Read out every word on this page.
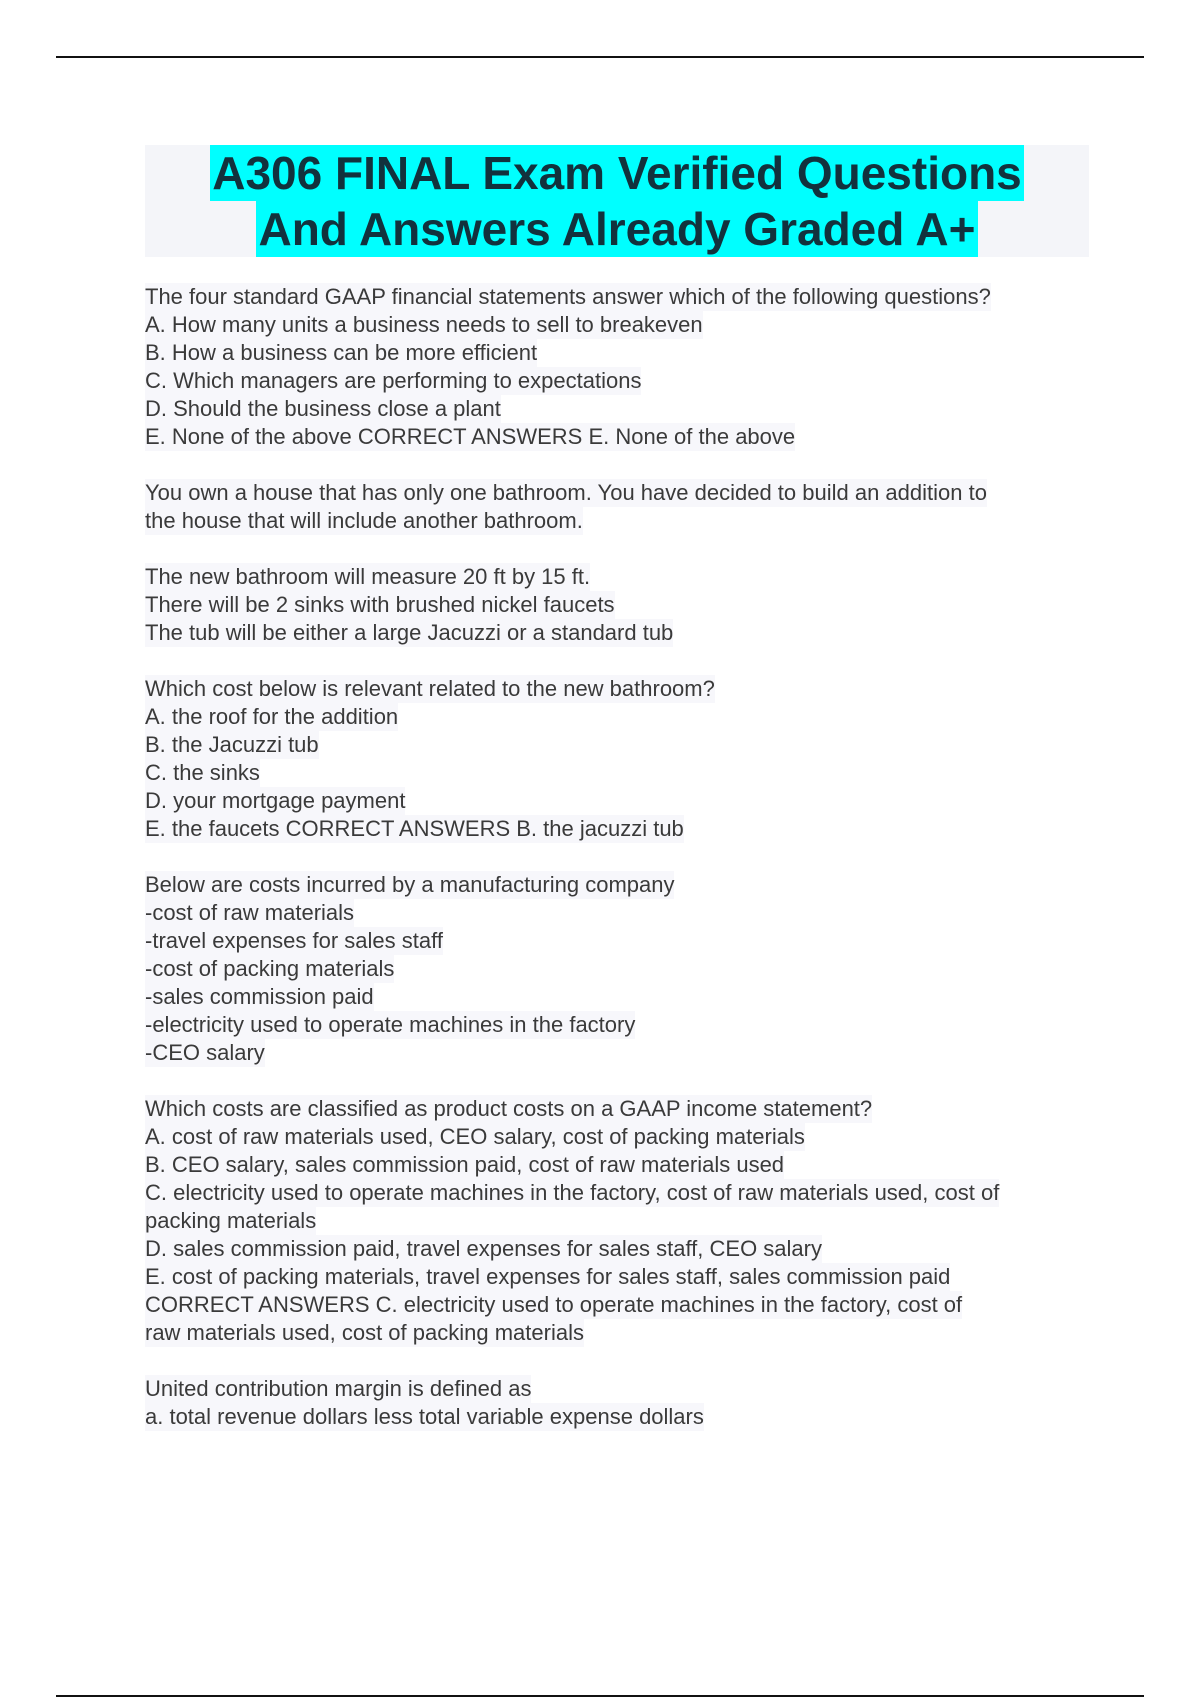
A306 FINAL Exam Verified Questions
And Answers Already Graded A+
The four standard GAAP financial statements answer which of the following questions?
A. How many units a business needs to sell to breakeven
B. How a business can be more efficient
C. Which managers are performing to expectations
D. Should the business close a plant
E. None of the above CORRECT ANSWERS E. None of the above
You own a house that has only one bathroom. You have decided to build an addition to
the house that will include another bathroom.
The new bathroom will measure 20 ft by 15 ft.
There will be 2 sinks with brushed nickel faucets
The tub will be either a large Jacuzzi or a standard tub
Which cost below is relevant related to the new bathroom?
A. the roof for the addition
B. the Jacuzzi tub
C. the sinks
D. your mortgage payment
E. the faucets CORRECT ANSWERS B. the jacuzzi tub
Below are costs incurred by a manufacturing company
-cost of raw materials
-travel expenses for sales staff
-cost of packing materials
-sales commission paid
-electricity used to operate machines in the factory
-CEO salary
Which costs are classified as product costs on a GAAP income statement?
A. cost of raw materials used, CEO salary, cost of packing materials
B. CEO salary, sales commission paid, cost of raw materials used
C. electricity used to operate machines in the factory, cost of raw materials used, cost of
packing materials
D. sales commission paid, travel expenses for sales staff, CEO salary
E. cost of packing materials, travel expenses for sales staff, sales commission paid
CORRECT ANSWERS C. electricity used to operate machines in the factory, cost of
raw materials used, cost of packing materials
United contribution margin is defined as
a. total revenue dollars less total variable expense dollars
